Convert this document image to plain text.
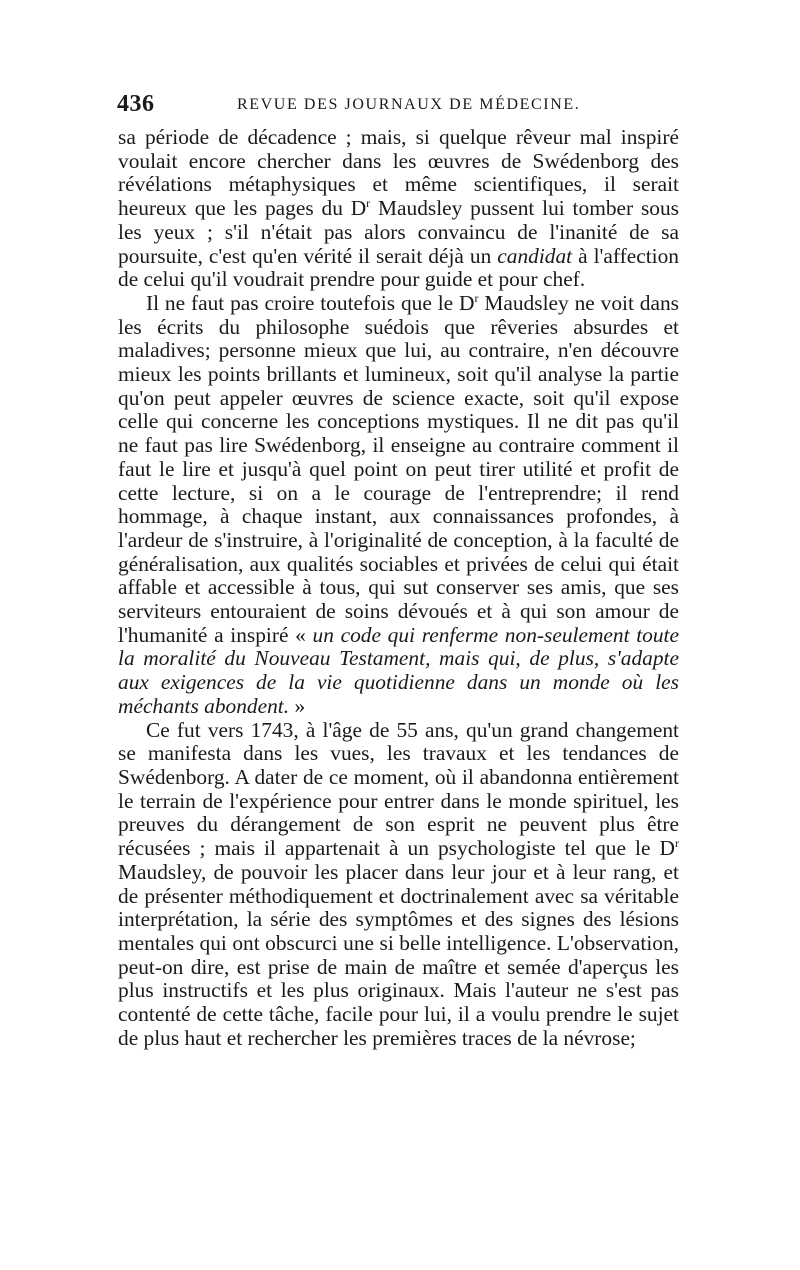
436	REVUE DES JOURNAUX DE MÉDECINE.

sa période de décadence ; mais, si quelque rêveur mal inspiré voulait encore chercher dans les œuvres de Swédenborg des révélations métaphysiques et même scientifiques, il serait heureux que les pages du $D^r$ Maudsley pussent lui tomber sous les yeux ; s'il n'était pas alors convaincu de l'inanité de sa poursuite, c'est qu'en vérité il serait déjà un candidat à l'affection de celui qu'il voudrait prendre pour guide et pour chef.

Il ne faut pas croire toutefois que le $D^r$ Maudsley ne voit dans les écrits du philosophe suédois que rêveries absurdes et maladives; personne mieux que lui, au contraire, n'en découvre mieux les points brillants et lumineux, soit qu'il analyse la partie qu'on peut appeler œuvres de science exacte, soit qu'il expose celle qui concerne les conceptions mystiques. Il ne dit pas qu'il ne faut pas lire Swédenborg, il enseigne au contraire comment il faut le lire et jusqu'à quel point on peut tirer utilité et profit de cette lecture, si on a le courage de l'entreprendre; il rend hommage, à chaque instant, aux connaissances profondes, à l'ardeur de s'instruire, à l'originalité de conception, à la faculté de généralisation, aux qualités sociables et privées de celui qui était affable et accessible à tous, qui sut conserver ses amis, que ses serviteurs entouraient de soins dévoués et à qui son amour de l'humanité a inspiré « un code qui renferme non-seulement toute la moralité du Nouveau Testament, mais qui, de plus, s'adapte aux exigences de la vie quotidienne dans un monde où les méchants abondent. »

Ce fut vers 1743, à l'âge de 55 ans, qu'un grand changement se manifesta dans les vues, les travaux et les tendances de Swédenborg. A dater de ce moment, où il abandonna entièrement le terrain de l'expérience pour entrer dans le monde spirituel, les preuves du dérangement de son esprit ne peuvent plus être récusées ; mais il appartenait à un psychologiste tel que le $D^r$ Maudsley, de pouvoir les placer dans leur jour et à leur rang, et de présenter méthodiquement et doctrinalement avec sa véritable interprétation, la série des symptômes et des signes des lésions mentales qui ont obscurci une si belle intelligence. L'observation, peut-on dire, est prise de main de maître et semée d'aperçus les plus instructifs et les plus originaux. Mais l'auteur ne s'est pas contenté de cette tâche, facile pour lui, il a voulu prendre le sujet de plus haut et rechercher les premières traces de la névrose;
